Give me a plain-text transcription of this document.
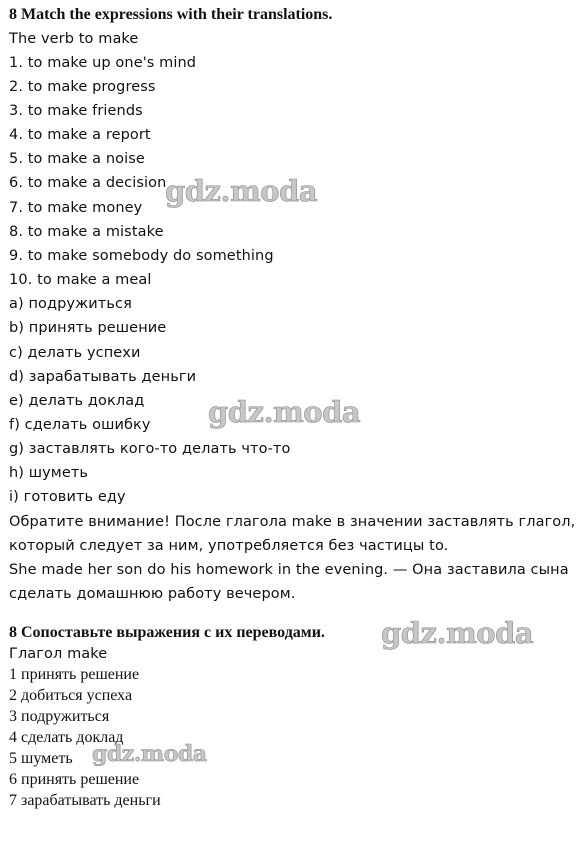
8 Match the expressions with their translations.
The verb to make
1. to make up one's mind
2. to make progress
3. to make friends
4. to make a report
5. to make a noise
6. to make a decision
7. to make money
8. to make a mistake
9. to make somebody do something
10. to make a meal
a) подружиться
b) принять решение
c) делать успехи
d) зарабатывать деньги
e) делать доклад
f) сделать ошибку
g) заставлять кого-то делать что-то
h) шуметь
i) готовить еду
Обратите внимание! После глагола make в значении заставлять глагол,
который следует за ним, употребляется без частицы to.
She made her son do his homework in the evening. — Она заставила сына
сделать домашнюю работу вечером.
8 Сопоставьте выражения с их переводами.
Глагол make
1 принять решение
2 добиться успеха
3 подружиться
4 сделать доклад
5 шуметь
6 принять решение
7 зарабатывать деньги
gdz.moda
gdz.moda
gdz.moda
gdz.moda
